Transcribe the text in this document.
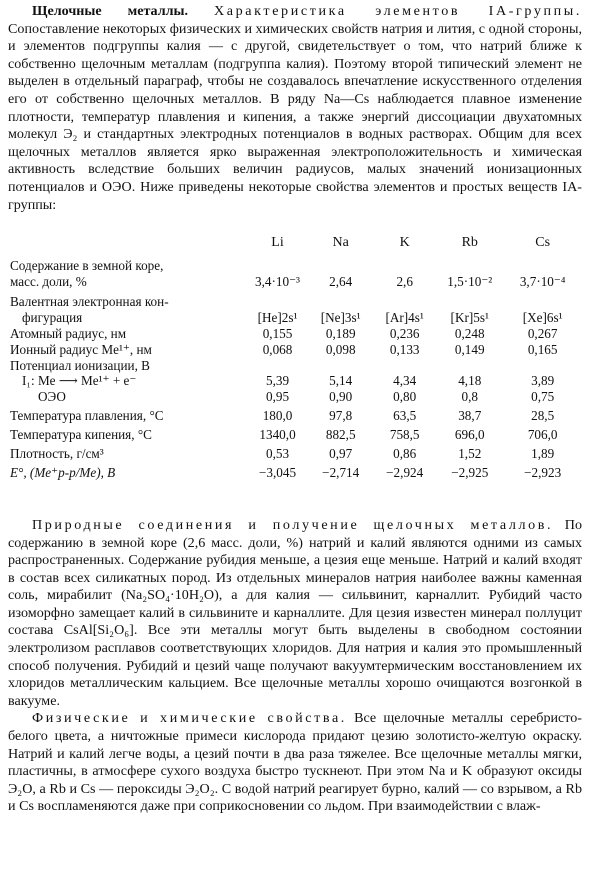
Щелочные металлы. Характеристика элементов IA-группы. Сопоставление некоторых физических и химических свойств натрия и лития, с одной стороны, и элементов подгруппы калия — с другой, свидетельствует о том, что натрий ближе к собственно щелочным металлам (подгруппа калия). Поэтому второй типический элемент не выделен в отдельный параграф, чтобы не создавалось впечатление искусственного отделения его от собственно щелочных металлов. В ряду Na—Cs наблюдается плавное изменение плотности, температур плавления и кипения, а также энергий диссоциации двухатомных молекул Э₂ и стандартных электродных потенциалов в водных растворах. Общим для всех щелочных металлов является ярко выраженная электроположительность и химическая активность вследствие больших величин радиусов, малых значений ионизационных потенциалов и ОЭО. Ниже приведены некоторые свойства элементов и простых веществ IA-группы:

	Li	Na	K	Rb	Cs

Содержание в земной коре,
масс. доли, %	3,4·10⁻³	2,64	2,6	1,5·10⁻²	3,7·10⁻⁴

Валентная электронная кон-
фигурация	[He]2s¹	[Ne]3s¹	[Ar]4s¹	[Kr]5s¹	[Xe]6s¹
Атомный радиус, нм	0,155	0,189	0,236	0,248	0,267
Ионный радиус Me¹⁺, нм	0,068	0,098	0,133	0,149	0,165

Потенциал ионизации, В
I₁: Me ⟶ Me¹⁺ + e⁻	5,39	5,14	4,34	4,18	3,89
ОЭО	0,95	0,90	0,80	0,8	0,75
Температура плавления, °С	180,0	97,8	63,5	38,7	28,5
Температура кипения, °С	1340,0	882,5	758,5	696,0	706,0
Плотность, г/см³	0,53	0,97	0,86	1,52	1,89
E°, (Me⁺p-p/Me), В	−3,045	−2,714	−2,924	−2,925	−2,923

Природные соединения и получение щелочных металлов. По содержанию в земной коре (2,6 масс. доли, %) натрий и калий являются одними из самых распространенных. Содержание рубидия меньше, а цезия еще меньше. Натрий и калий входят в состав всех силикатных пород. Из отдельных минералов натрия наиболее важны каменная соль, мирабилит (Na₂SO₄·10H₂O), а для калия — сильвинит, карналлит. Рубидий часто изоморфно замещает калий в сильвините и карналлите. Для цезия известен минерал поллуцит состава CsAl[Si₂O₆]. Все эти металлы могут быть выделены в свободном состоянии электролизом расплавов соответствующих хлоридов. Для натрия и калия это промышленный способ получения. Рубидий и цезий чаще получают вакуумтермическим восстановлением их хлоридов металлическим кальцием. Все щелочные металлы хорошо очищаются возгонкой в вакууме.

Физические и химические свойства. Все щелочные металлы серебристо-белого цвета, а ничтожные примеси кислорода придают цезию золотисто-желтую окраску. Натрий и калий легче воды, а цезий почти в два раза тяжелее. Все щелочные металлы мягки, пластичны, в атмосфере сухого воздуха быстро тускнеют. При этом Na и K образуют оксиды Э₂O, а Rb и Cs — пероксиды Э₂O₂. С водой натрий реагирует бурно, калий — со взрывом, а Rb и Cs воспламеняются даже при соприкосновении со льдом. При взаимодействии с влаж-
